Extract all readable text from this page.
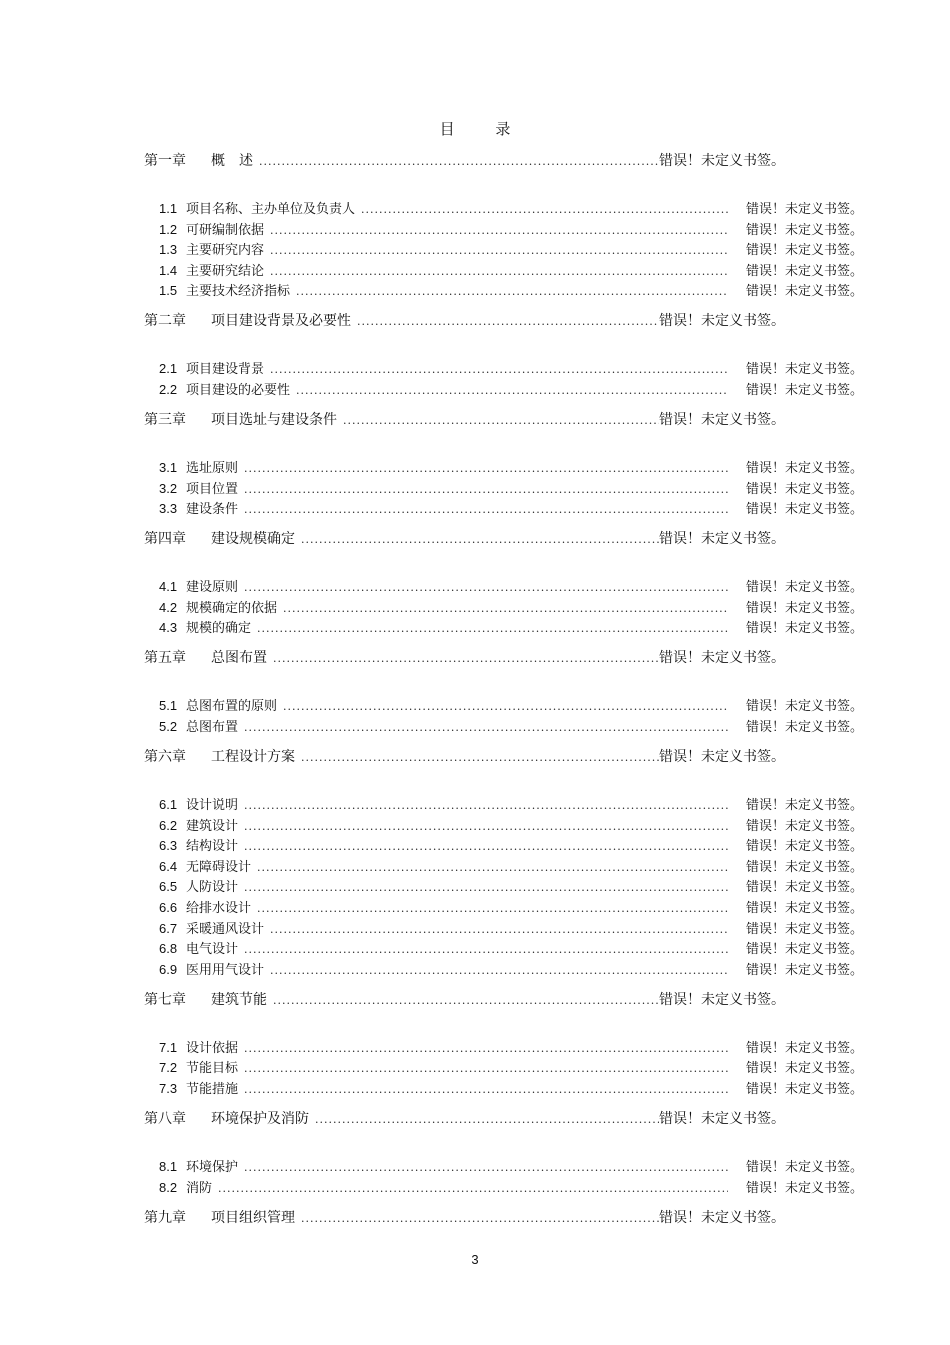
目 录
第一章	概　述 .....	错误！未定义书签。
1.1 项目名称、主办单位及负责人 .....	错误！未定义书签。
1.2 可研编制依据 .....	错误！未定义书签。
1.3 主要研究内容 .....	错误！未定义书签。
1.4 主要研究结论 .....	错误！未定义书签。
1.5 主要技术经济指标 .....	错误！未定义书签。
第二章	项目建设背景及必要性 .....	错误！未定义书签。
2.1 项目建设背景 .....	错误！未定义书签。
2.2 项目建设的必要性 .....	错误！未定义书签。
第三章	项目选址与建设条件 .....	错误！未定义书签。
3.1 选址原则 .....	错误！未定义书签。
3.2 项目位置 .....	错误！未定义书签。
3.3 建设条件 .....	错误！未定义书签。
第四章	建设规模确定 .....	错误！未定义书签。
4.1 建设原则 .....	错误！未定义书签。
4.2 规模确定的依据 .....	错误！未定义书签。
4.3 规模的确定 .....	错误！未定义书签。
第五章	总图布置 .....	错误！未定义书签。
5.1 总图布置的原则 .....	错误！未定义书签。
5.2 总图布置 .....	错误！未定义书签。
第六章	工程设计方案 .....	错误！未定义书签。
6.1 设计说明 .....	错误！未定义书签。
6.2 建筑设计 .....	错误！未定义书签。
6.3 结构设计 .....	错误！未定义书签。
6.4 无障碍设计 .....	错误！未定义书签。
6.5 人防设计 .....	错误！未定义书签。
6.6 给排水设计 .....	错误！未定义书签。
6.7 采暖通风设计 .....	错误！未定义书签。
6.8 电气设计 .....	错误！未定义书签。
6.9 医用用气设计 .....	错误！未定义书签。
第七章	建筑节能 .....	错误！未定义书签。
7.1 设计依据 .....	错误！未定义书签。
7.2 节能目标 .....	错误！未定义书签。
7.3 节能措施 .....	错误！未定义书签。
第八章	环境保护及消防 .....	错误！未定义书签。
8.1 环境保护 .....	错误！未定义书签。
8.2 消防 .....	错误！未定义书签。
第九章	项目组织管理 .....	错误！未定义书签。
3
